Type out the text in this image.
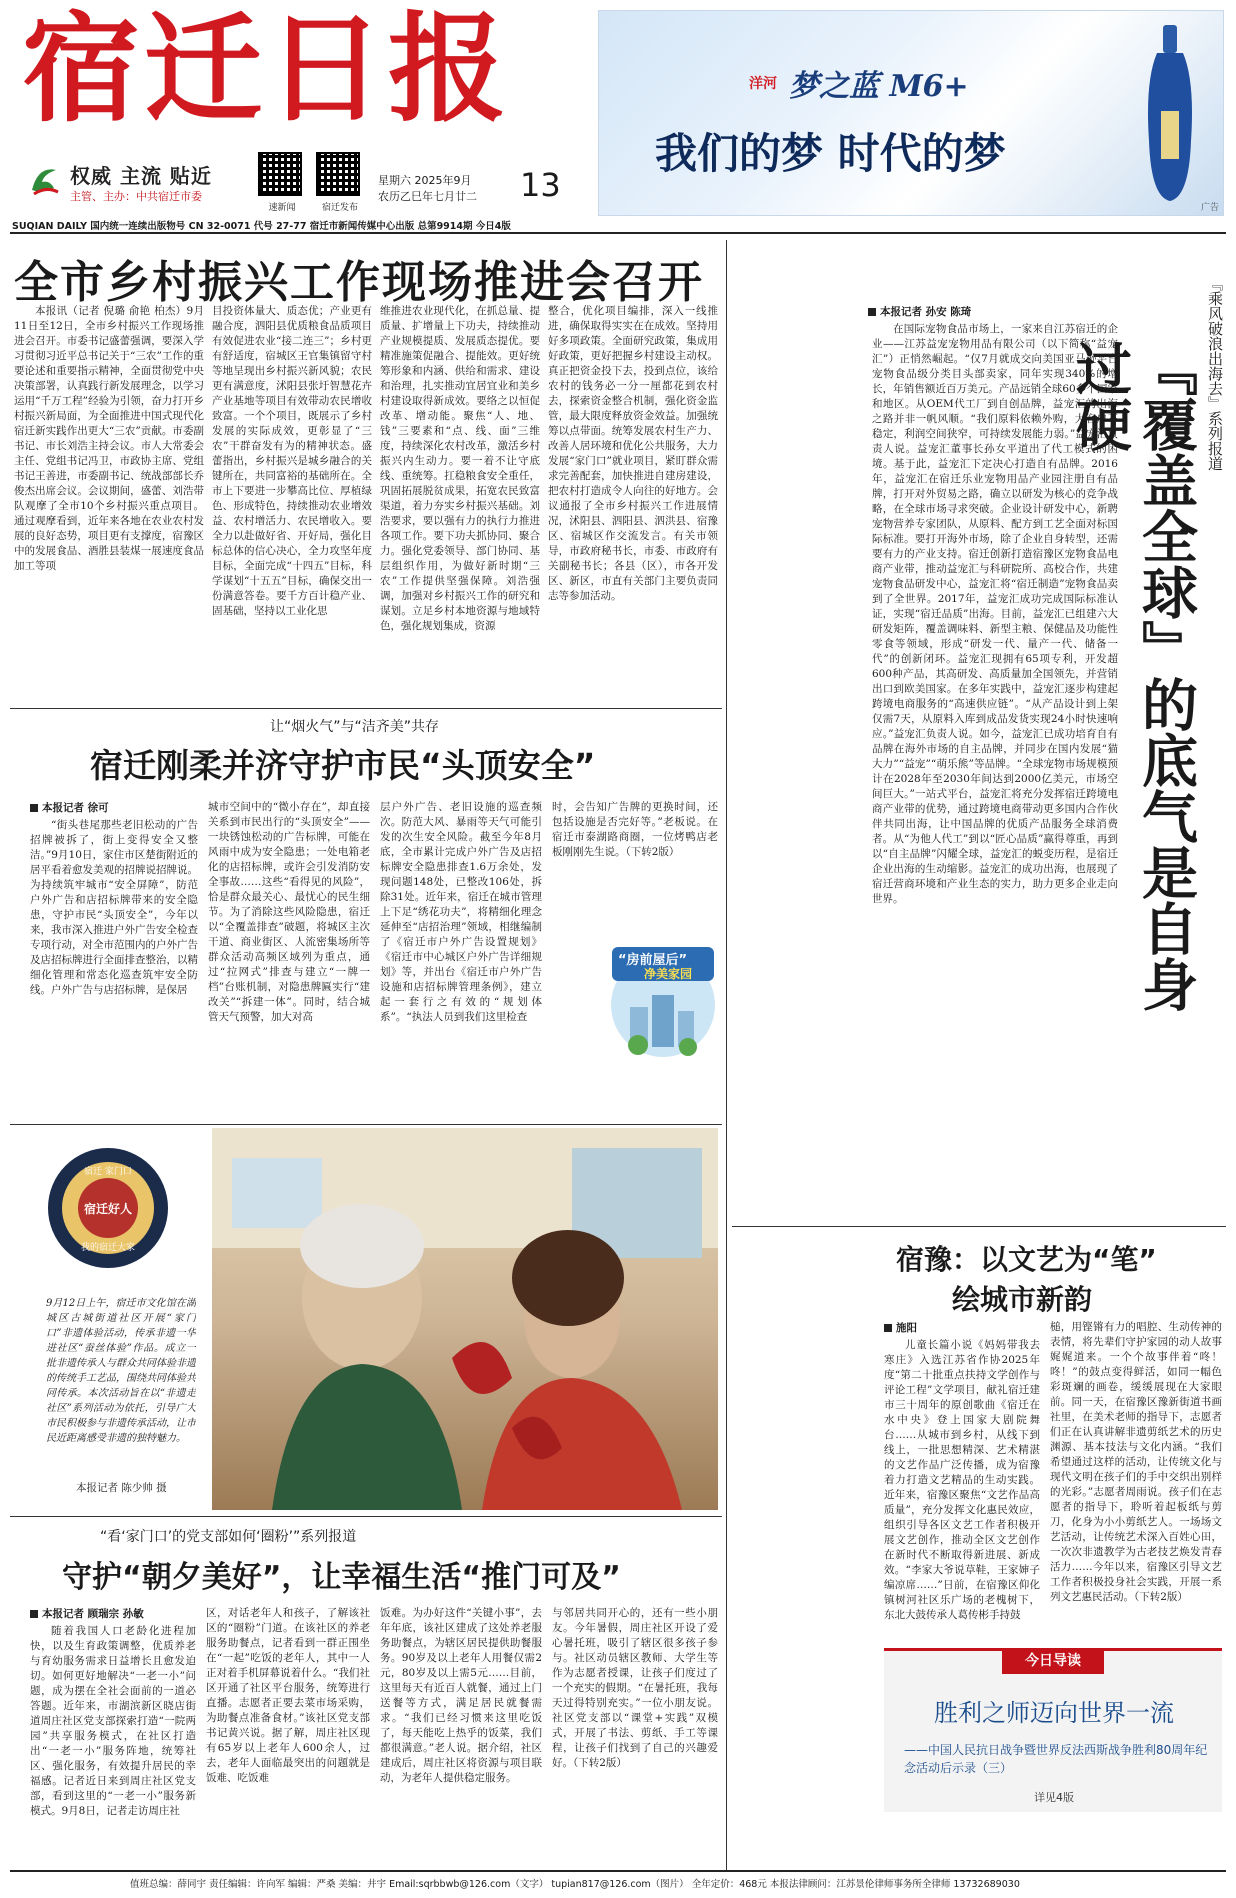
宿迁日报
权威 主流 贴近
主管、主办：中共宿迁市委
速新闻	宿迁发布
星期六 2025年9月
农历乙巳年七月廿二 13
洋河 梦之蓝 M6+
我们的梦 时代的梦
广告
SUQIAN DAILY 国内统一连续出版物号 CN 32-0071 代号 27-77 宿迁市新闻传媒中心出版 总第9914期 今日4版
全市乡村振兴工作现场推进会召开

本报讯（记者 倪璐 俞艳 柏杰）9月11日至12日，全市乡村振兴工作现场推进会召开。市委书记盛蕾强调，要深入学习贯彻习近平总书记关于“三农”工作的重要论述和重要指示精神，全面贯彻党中央决策部署，认真践行新发展理念，以学习运用“千万工程”经验为引领，奋力打开乡村振兴新局面，为全面推进中国式现代化宿迁新实践作出更大“三农”贡献。市委副书记、市长刘浩主持会议。市人大常委会主任、党组书记冯卫，市政协主席、党组书记王善进，市委副书记、统战部部长乔俊杰出席会议。会议期间，盛蕾、刘浩带队观摩了全市10个乡村振兴重点项目。通过观摩看到，近年来各地在农业农村发展的良好态势，项目更有支撑度，宿豫区中的发展食品、酒胜县装煤一展速度食品加工等项

目投资体量大、质态优；产业更有融合度，泗阳县优质粮食品质项目有效促进农业“接二连三”；乡村更有舒适度，宿城区王官集镇留守村等地呈现出乡村振兴新风貌；农民更有满意度，沭阳县张圩智慧花卉产业基地等项目有效带动农民增收致富。一个个项目，既展示了乡村发展的实际成效，更彰显了“三农”干群奋发有为的精神状态。盛蕾指出，乡村振兴是城乡融合的关键所在，共同富裕的基础所在。全市上下要进一步攀高比位、厚植绿色、形成特色，持续推动农业增效益、农村增活力、农民增收入。要全力以赴做好省、开好局，强化目标总体的信心决心，全力攻坚年度目标，全面完成“十四五”目标，科学谋划“十五五”目标，确保交出一份满意答卷。要千方百计稳产业、固基础，坚持以工业化思

维推进农业现代化，在抓总量、提质量、扩增量上下功夫，持续推动产业规模提质、发展质态提优。要精准施策促融合、提能效。更好统筹形象和内涵、供给和需求、建设和治理，扎实推动宜居宜业和美乡村建设取得新成效。要络之以恒促改革、增动能。聚焦“人、地、钱”三要素和“点、线、面”三维度，持续深化农村改革，激活乡村振兴内生动力。要一着不让守底线、重统筹。扛稳粮食安全重任，巩固拓展脱贫成果，拓宽农民致富渠道，着力夯实乡村振兴基础。刘浩要求，要以强有力的执行力推进各项工作。要下功夫抓协同、聚合力。强化党委领导、部门协同、基层组织作用，为做好新时期“三农”工作提供坚强保障。刘浩强调，加强对乡村振兴工作的研究和谋划。立足乡村本地资源与地域特色，强化规划集成，资源

整合，优化项目编排，深入一线推进，确保取得实实在在成效。坚持用好多项政策。全面研究政策，集成用好政策，更好把握乡村建设主动权。真正把资金投下去，投到点位，该给农村的钱务必一分一厘都花到农村去，探索资金整合机制，强化资金监管，最大限度释放资金效益。加强统筹以点带面。统筹发展农村生产力、改善人居环境和优化公共服务，大力发展“家门口”就业项目，紧盯群众需求完善配套，加快推进自建房建设，把农村打造成令人向往的好地方。会议通报了全市乡村振兴工作进展情况，沭阳县、泗阳县、泗洪县、宿豫区、宿城区作交流发言。有关市领导，市政府秘书长，市委、市政府有关副秘书长；各县（区），市各开发区、新区，市直有关部门主要负责同志等参加活动。

让“烟火气”与“洁齐美”共存
宿迁刚柔并济守护市民“头顶安全”
本报记者 徐可

“街头巷尾那些老旧松动的广告招牌被拆了，街上变得安全又整洁。”9月10日，家住市区楚街附近的居平看着愈发美观的招牌说招牌说。为持续筑牢城市“安全屏障”，防范户外广告和店招标牌带来的安全隐患，守护市民“头顶安全”，今年以来，我市深入推进户外广告安全检查专项行动，对全市范围内的户外广告及店招标牌进行全面排查整治，以精细化管理和常态化巡查筑牢安全防线。户外广告与店招标牌，是保居

城市空间中的“微小存在”，却直接关系到市民出行的“头顶安全”——一块锈蚀松动的广告标牌，可能在风雨中成为安全隐患；一处电箱老化的店招标牌，或许会引发消防安全事故……这些“看得见的风险”，恰是群众最关心、最忧心的民生细节。为了消除这些风险隐患，宿迁以“全覆盖排查”破题，将城区主次干道、商业街区、人流密集场所等群众活动高频区域列为重点，通过“拉网式”排查与建立“一牌一档”台账机制，对隐患牌匾实行“建改关”“拆建一体”。同时，结合城管天气预警，加大对高

层户外广告、老旧设施的巡查频次。防范大风、暴雨等天气可能引发的次生安全风险。截至今年8月底，全市累计完成户外广告及店招标牌安全隐患排查1.6万余处，发现问题148处，已整改106处，拆除31处。近年来，宿迁在城市管理上下足“绣花功夫”，将精细化理念延伸至“店招治理”领域，相继编制了《宿迁市户外广告设置规划》《宿迁市中心城区户外广告详细规划》等，并出台《宿迁市户外广告设施和店招标牌管理条例》，建立起一套行之有效的“规划体系”。“执法人员到我们这里检查

时，会告知广告牌的更换时间，还包括设施是否完好等。”老板说。在宿迁市泰湖路商圈，一位烤鸭店老板刚刚先生说。（下转2版）

“房前屋后”
净美家园
宿迁 家门口
宿迁好人
我的宿迁大家
9月12日上午，宿迁市文化馆在湖城区古城街道社区开展“家门口”非遗体验活动，传承非遗一华进社区“蚕丝体验”作品。成立一批非遗传承人与群众共同体验非遗的传统手工艺品，围绕共同体验共同传承。本次活动旨在以“非遗走社区”系列活动为依托，引导广大市民积极参与非遗传承活动，让市民近距离感受非遗的独特魅力。
本报记者 陈少帅 摄
“看‘家门口’的党支部如何‘圈粉’”系列报道
守护“朝夕美好”，让幸福生活“推门可及”
本报记者 顾瑞宗 孙敏

随着我国人口老龄化进程加快，以及生育政策调整，优质养老与育幼服务需求日益增长且愈发迫切。如何更好地解决“一老一小”问题，成为摆在全社会面前的一道必答题。近年来，市湖滨新区晓店街道周庄社区党支部探索打造“一院两园”共享服务模式，在社区打造出“一老一小”服务阵地，统筹社区、强化服务，有效提升居民的幸福感。记者近日来到周庄社区党支部，看到这里的“一老一小”服务新模式。9月8日，记者走访周庄社

区，对话老年人和孩子，了解该社区的“圈粉”门道。在该社区的养老服务助餐点，记者看到一群正围坐在“一起”吃饭的老年人，其中一人正对着手机屏幕说着什么。“我们社区开通了社区平台服务，统筹进行直播。志愿者正要去菜市场采购，为助餐点准备食材。”该社区党支部书记黄兴说。据了解，周庄社区现有65岁以上老年人600余人，过去，老年人面临最突出的问题就是饭难、吃饭难

饭难。为办好这件“关键小事”，去年年底，该社区建成了这处养老服务助餐点，为辖区居民提供助餐服务。90岁及以上老年人用餐仅需2元，80岁及以上需5元……目前，这里每天有近百人就餐，通过上门送餐等方式，满足居民就餐需求。“我们已经习惯来这里吃饭了，每天能吃上热乎的饭菜，我们都很满意。”老人说。据介绍，社区建成后，周庄社区将资源与项目联动，为老年人提供稳定服务。

与邻居共同开心的，还有一些小朋友。今年暑假，周庄社区开设了爱心暑托班，吸引了辖区很多孩子参与。社区动员辖区教师、大学生等作为志愿者授课，让孩子们度过了一个充实的假期。“在暑托班，我每天过得特别充实。”一位小朋友说。社区党支部以“课堂+实践”双模式，开展了书法、剪纸、手工等课程，让孩子们找到了自己的兴趣爱好。（下转2版）

本报记者 孙安 陈琦	『乘风破浪出海去』系列报道
『覆盖全球』的底气是自身过硬

在国际宠物食品市场上，一家来自江苏宿迁的企业——江苏益宠宠物用品有限公司（以下简称“益宠汇”）正悄然崛起。“仅7月就成交向美国亚马逊平台宠物食品级分类目头部卖家，同年实现340%的增长，年销售额近百万美元。产品远销全球60多个国家和地区。从OEM代工厂到自创品牌，益宠汇的出海之路并非一帆风顺。“我们原料依赖外购，大客户不稳定，利润空间狭窄，可持续发展能力弱。”益宠汇负责人说。益宠汇董事长孙女平道出了代工模式的困境。基于此，益宠汇下定决心打造自有品牌。2016年，益宠汇在宿迁乐业宠物用品产业园注册自有品牌，打开对外贸易之路，确立以研发为核心的竞争战略，在全球市场寻求突破。企业设计研发中心，新聘宠物营养专家团队，从原料、配方到工艺全面对标国际标准。要打开海外市场，除了企业自身转型，还需要有力的产业支持。宿迁创新打造宿豫区宠物食品电商产业带，推动益宠汇与科研院所、高校合作，共建宠物食品研发中心，益宠汇将“宿迁制造”宠物食品卖到了全世界。2017年，益宠汇成功完成国际标准认证，实现“宿迁品质”出海。目前，益宠汇已组建六大研发矩阵，覆盖调味料、新型主粮、保健品及功能性零食等领域，形成“研发一代、量产一代、储备一代”的创新闭环。益宠汇现拥有65项专利，开发超600种产品，其高研发、高质量加全国领先，并营销出口到欧美国家。在多年实践中，益宠汇逐步构建起跨境电商服务的“高速供应链”。“从产品设计到上架仅需7天，从原料入库到成品发货实现24小时快速响应。”益宠汇负责人说。如今，益宠汇已成功培育自有品牌在海外市场的自主品牌，并同步在国内发展“猫大力”“益宠”“萌乐熊”等品牌。“全球宠物市场规模预计在2028年至2030年间达到2000亿美元，市场空间巨大。”一站式平台，益宠汇将充分发挥宿迁跨境电商产业带的优势，通过跨境电商带动更多国内合作伙伴共同出海，让中国品牌的优质产品服务全球消费者。从“为他人代工”到以“匠心品质”赢得尊重，再到以“自主品牌”闪耀全球，益宠汇的蜕变历程，是宿迁企业出海的生动缩影。益宠汇的成功出海，也展现了宿迁营商环境和产业生态的实力，助力更多企业走向世界。

宿豫：以文艺为“笔”
绘城市新韵
施阳

儿童长篇小说《妈妈带我去寒庄》入选江苏省作协2025年度“第二十批重点扶持文学创作与评论工程”文学项目，献礼宿迁建市三十周年的原创歌曲《宿迁在水中央》登上国家大剧院舞台……从城市到乡村，从线下到线上，一批思想精深、艺术精湛的文艺作品广泛传播，成为宿豫着力打造文艺精品的生动实践。近年来，宿豫区聚焦“文艺作品高质量”，充分发挥文化惠民效应，组织引导各区文艺工作者积极开展文艺创作，推动全区文艺创作在新时代不断取得新进展、新成效。“李家大爷说草鞋，王家婶子编凉席……”日前，在宿豫区仰化镇树河社区乐广场的老槐树下，东北大鼓传承人葛传彬手持鼓

槌，用铿锵有力的唱腔、生动传神的表情，将先辈们守护家园的动人故事娓娓道来。一个个故事伴着“咚！咚！”的鼓点变得鲜活，如同一幅色彩斑斓的画卷，缓缓展现在大家眼前。同一天，在宿豫区豫新街道书画社里，在美术老师的指导下，志愿者们正在认真讲解非遗剪纸艺术的历史渊源、基本技法与文化内涵。“我们希望通过这样的活动，让传统文化与现代文明在孩子们的手中交织出别样的光彩。”志愿者周雨说。孩子们在志愿者的指导下，聆听着起板纸与剪刀，化身为小小剪纸艺人。一场场文艺活动，让传统艺术深入百姓心田，一次次非遗教学为古老技艺焕发青春活力……今年以来，宿豫区引导文艺工作者积极投身社会实践，开展一系列文艺惠民活动。（下转2版）

今日导读
胜利之师迈向世界一流
——中国人民抗日战争暨世界反法西斯战争胜利80周年纪念活动后示录（三）
详见4版
值班总编：薛同宇 责任编辑：许向军 编辑：严桑 美编：井宇 Email:sqrbbwb@126.com（文字） tupian817@126.com（图片） 全年定价：468元 本报法律顾问：江苏景伦律师事务所全律师 13732689030
